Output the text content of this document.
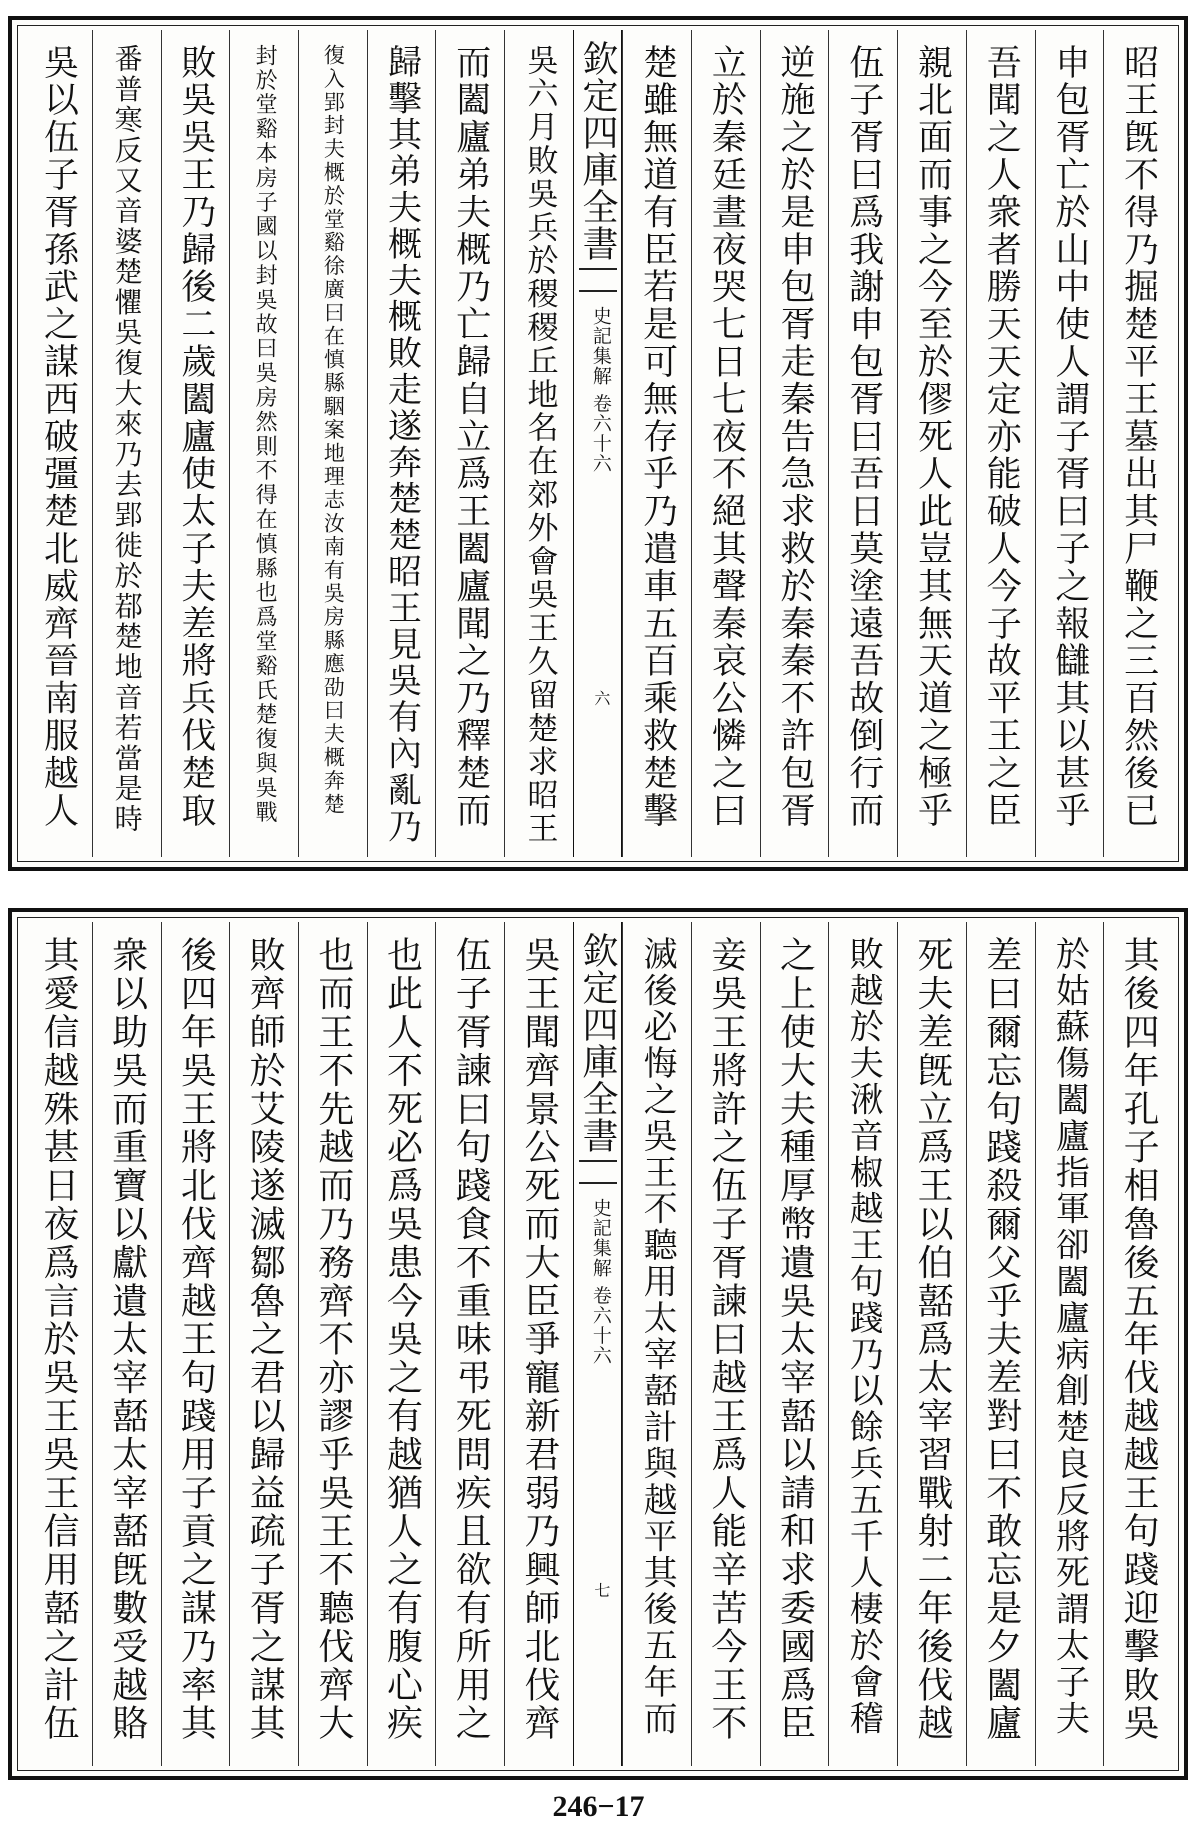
昭王旣不得乃掘楚平王墓出其尸鞭之三百然後已
申包胥亡於山中使人謂子胥曰子之報讎其以甚乎
吾聞之人衆者勝天天定亦能破人今子故平王之臣
親北面而事之今至於僇死人此豈其無天道之極乎
伍子胥曰爲我謝申包胥曰吾日莫塗遠吾故倒行而
逆施之於是申包胥走秦告急求救於秦秦不許包胥
立於秦廷晝夜哭七日七夜不絕其聲秦哀公憐之曰
楚雖無道有臣若是可無存乎乃遣車五百乘救楚擊
欽定四庫全書
史記集解 卷六十六
六
吳六月敗吳兵於稷稷丘地名在郊外會吳王久留楚求昭王
而闔廬弟夫概乃亡歸自立爲王闔廬聞之乃釋楚而
歸擊其弟夫概夫概敗走遂奔楚楚昭王見吳有內亂乃
復入郢封夫概於堂谿徐廣曰在慎縣駰案地理志汝南有吳房縣應劭曰夫概奔楚
封於堂谿本房子國以封吳故曰吳房然則不得在慎縣也爲堂谿氏楚復與吳戰
敗吳吳王乃歸後二歲闔廬使太子夫差將兵伐楚取
番普寒反又音婆楚懼吳復大來乃去郢徙於鄀楚地音若當是時
吳以伍子胥孫武之謀西破彊楚北威齊晉南服越人
其後四年孔子相魯後五年伐越越王句踐迎擊敗吳
於姑蘇傷闔廬指軍卻闔廬病創楚良反將死謂太子夫
差曰爾忘句踐殺爾父乎夫差對曰不敢忘是夕闔廬
死夫差旣立爲王以伯嚭爲太宰習戰射二年後伐越
敗越於夫湫音椒越王句踐乃以餘兵五千人棲於會稽
之上使大夫種厚幣遺吳太宰嚭以請和求委國爲臣
妾吳王將許之伍子胥諫曰越王爲人能辛苦今王不
滅後必悔之吳王不聽用太宰嚭計與越平其後五年而
欽定四庫全書
史記集解 卷六十六
七
吳王聞齊景公死而大臣爭寵新君弱乃興師北伐齊
伍子胥諫曰句踐食不重味弔死問疾且欲有所用之
也此人不死必爲吳患今吳之有越猶人之有腹心疾
也而王不先越而乃務齊不亦謬乎吳王不聽伐齊大
敗齊師於艾陵遂滅鄒魯之君以歸益疏子胥之謀其
後四年吳王將北伐齊越王句踐用子貢之謀乃率其
衆以助吳而重寶以獻遺太宰嚭太宰嚭旣數受越賂
其愛信越殊甚日夜爲言於吳王吳王信用嚭之計伍
246−17
